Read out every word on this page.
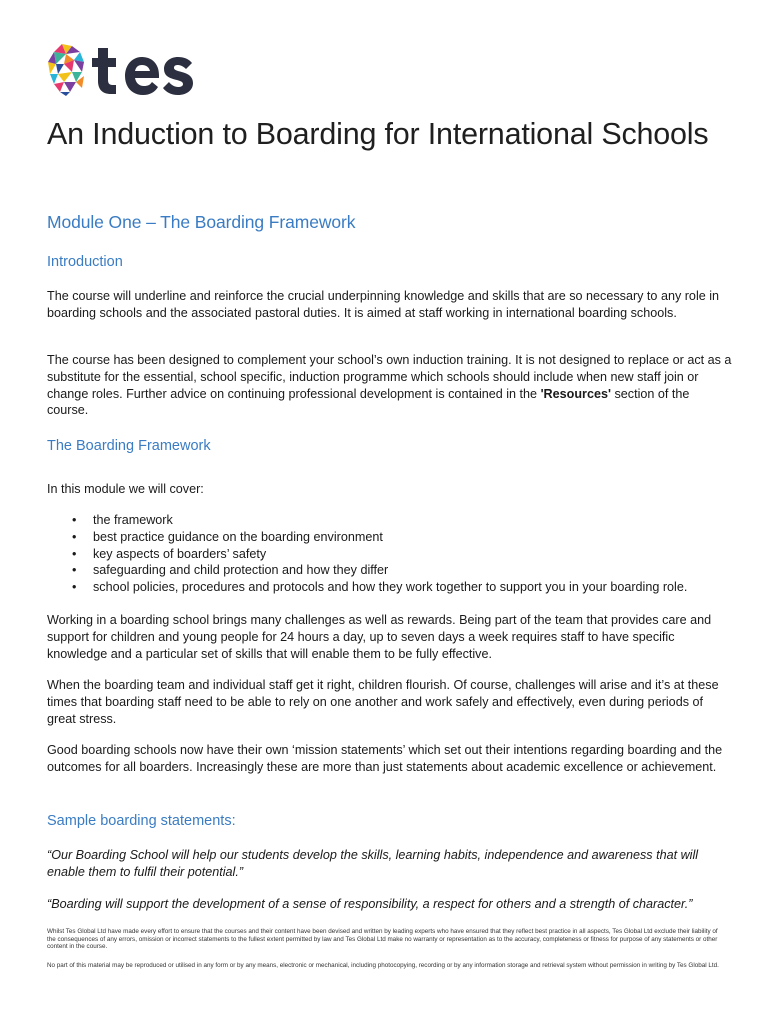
An Induction to Boarding for International Schools
Module One – The Boarding Framework
Introduction

The course will underline and reinforce the crucial underpinning knowledge and skills that are so necessary to any role in boarding schools and the associated pastoral duties. It is aimed at staff working in international boarding schools.

The course has been designed to complement your school’s own induction training. It is not designed to replace or act as a substitute for the essential, school specific, induction programme which schools should include when new staff join or change roles. Further advice on continuing professional development is contained in the 'Resources' section of the course.

The Boarding Framework

In this module we will cover:

• the framework
• best practice guidance on the boarding environment
• key aspects of boarders’ safety
• safeguarding and child protection and how they differ
• school policies, procedures and protocols and how they work together to support you in your boarding role.

Working in a boarding school brings many challenges as well as rewards. Being part of the team that provides care and support for children and young people for 24 hours a day, up to seven days a week requires staff to have specific knowledge and a particular set of skills that will enable them to be fully effective.

When the boarding team and individual staff get it right, children flourish. Of course, challenges will arise and it’s at these times that boarding staff need to be able to rely on one another and work safely and effectively, even during periods of great stress.

Good boarding schools now have their own ‘mission statements’ which set out their intentions regarding boarding and the outcomes for all boarders. Increasingly these are more than just statements about academic excellence or achievement.

Sample boarding statements:

“Our Boarding School will help our students develop the skills, learning habits, independence and awareness that will enable them to fulfil their potential.”

“Boarding will support the development of a sense of responsibility, a respect for others and a strength of character.”

Whilst Tes Global Ltd have made every effort to ensure that the courses and their content have been devised and written by leading experts who have ensured that they reflect best practice in all aspects, Tes Global Ltd exclude their liability of the consequences of any errors, omission or incorrect statements to the fullest extent permitted by law and Tes Global Ltd make no warranty or representation as to the accuracy, completeness or fitness for purpose of any statements or other content in the course.

No part of this material may be reproduced or utilised in any form or by any means, electronic or mechanical, including photocopying, recording or by any information storage and retrieval system without permission in writing by Tes Global Ltd.
